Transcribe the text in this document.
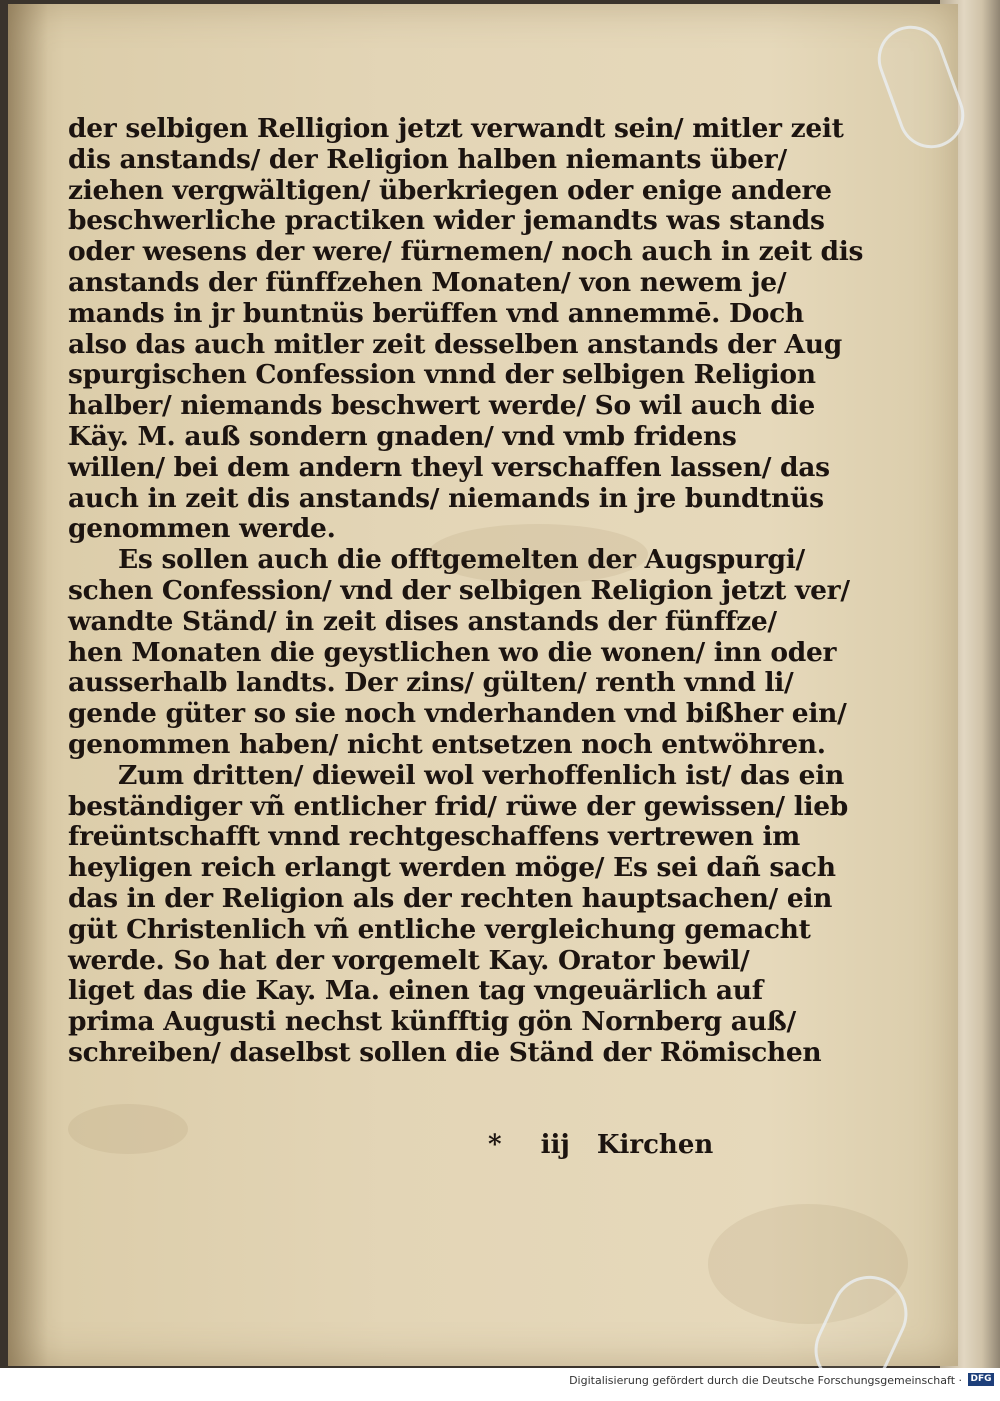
der selbigen Relligion jetzt verwandt sein/ mitler zeit
dis anstands/ der Religion halben niemants über/
ziehen vergwältigen/ überkriegen oder enige andere
beschwerliche practiken wider jemandts was stands
oder wesens der were/ fürnemen/ noch auch in zeit dis
anstands der fünffzehen Monaten/ von newem je/
mands in jr buntnüs berüffen vnd annemmē. Doch
also das auch mitler zeit desselben anstands der Aug
spurgischen Confession vnnd der selbigen Religion
halber/ niemands beschwert werde/ So wil auch die
Käy. M. auß sondern gnaden/ vnd vmb fridens
willen/ bei dem andern theyl verschaffen lassen/ das
auch in zeit dis anstands/ niemands in jre bundtnüs
genommen werde.
Es sollen auch die offtgemelten der Augspurgi/
schen Confession/ vnd der selbigen Religion jetzt ver/
wandte Ständ/ in zeit dises anstands der fünffze/
hen Monaten die geystlichen wo die wonen/ inn oder
ausserhalb landts. Der zins/ gülten/ renth vnnd li/
gende güter so sie noch vnderhanden vnd bißher ein/
genommen haben/ nicht entsetzen noch entwöhren.
Zum dritten/ dieweil wol verhoffenlich ist/ das ein
beständiger vñ entlicher frid/ rüwe der gewissen/ lieb
freüntschafft vnnd rechtgeschaffens vertrewen im
heyligen reich erlangt werden möge/ Es sei dañ sach
das in der Religion als der rechten hauptsachen/ ein
güt Christenlich vñ entliche vergleichung gemacht
werde. So hat der vorgemelt Kay. Orator bewil/
liget das die Kay. Ma. einen tag vngeuärlich auf
prima Augusti nechst künfftig gön Nornberg auß/
schreiben/ daselbst sollen die Ständ der Römischen
* iij Kirchen
Digitalisierung gefördert durch die Deutsche Forschungsgemeinschaft · DFG
